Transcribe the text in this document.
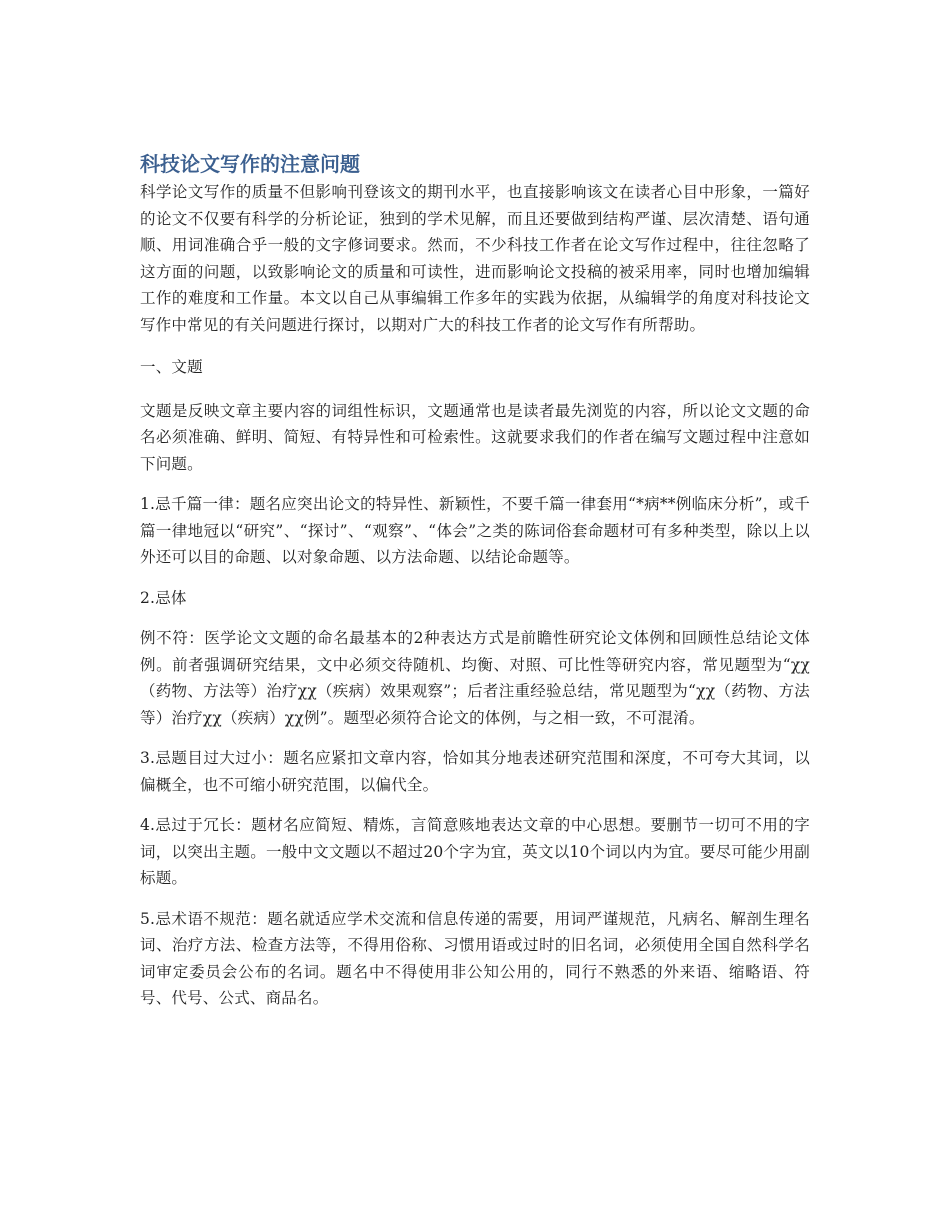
科技论文写作的注意问题

科学论文写作的质量不但影响刊登该文的期刊水平，也直接影响该文在读者心目中形象，一篇好的论文不仅要有科学的分析论证，独到的学术见解，而且还要做到结构严谨、层次清楚、语句通顺、用词准确合乎一般的文字修词要求。然而，不少科技工作者在论文写作过程中，往往忽略了这方面的问题，以致影响论文的质量和可读性，进而影响论文投稿的被采用率，同时也增加编辑工作的难度和工作量。本文以自己从事编辑工作多年的实践为依据，从编辑学的角度对科技论文写作中常见的有关问题进行探讨，以期对广大的科技工作者的论文写作有所帮助。

一、文题

文题是反映文章主要内容的词组性标识，文题通常也是读者最先浏览的内容，所以论文文题的命名必须准确、鲜明、简短、有特异性和可检索性。这就要求我们的作者在编写文题过程中注意如下问题。

1.忌千篇一律：题名应突出论文的特异性、新颖性，不要千篇一律套用“*病**例临床分析”，或千篇一律地冠以“研究”、“探讨”、“观察”、“体会”之类的陈词俗套命题材可有多种类型，除以上以外还可以目的命题、以对象命题、以方法命题、以结论命题等。

2.忌体

例不符：医学论文文题的命名最基本的2种表达方式是前瞻性研究论文体例和回顾性总结论文体例。前者强调研究结果，文中必须交待随机、均衡、对照、可比性等研究内容，常见题型为“χχ（药物、方法等）治疗χχ（疾病）效果观察”；后者注重经验总结，常见题型为“χχ（药物、方法等）治疗χχ（疾病）χχ例”。题型必须符合论文的体例，与之相一致，不可混淆。

3.忌题目过大过小：题名应紧扣文章内容，恰如其分地表述研究范围和深度，不可夸大其词，以偏概全，也不可缩小研究范围，以偏代全。

4.忌过于冗长：题材名应简短、精炼，言简意赅地表达文章的中心思想。要删节一切可不用的字词，以突出主题。一般中文文题以不超过20个字为宜，英文以10个词以内为宜。要尽可能少用副标题。

5.忌术语不规范：题名就适应学术交流和信息传递的需要，用词严谨规范，凡病名、解剖生理名词、治疗方法、检查方法等，不得用俗称、习惯用语或过时的旧名词，必须使用全国自然科学名词审定委员会公布的名词。题名中不得使用非公知公用的，同行不熟悉的外来语、缩略语、符号、代号、公式、商品名。
